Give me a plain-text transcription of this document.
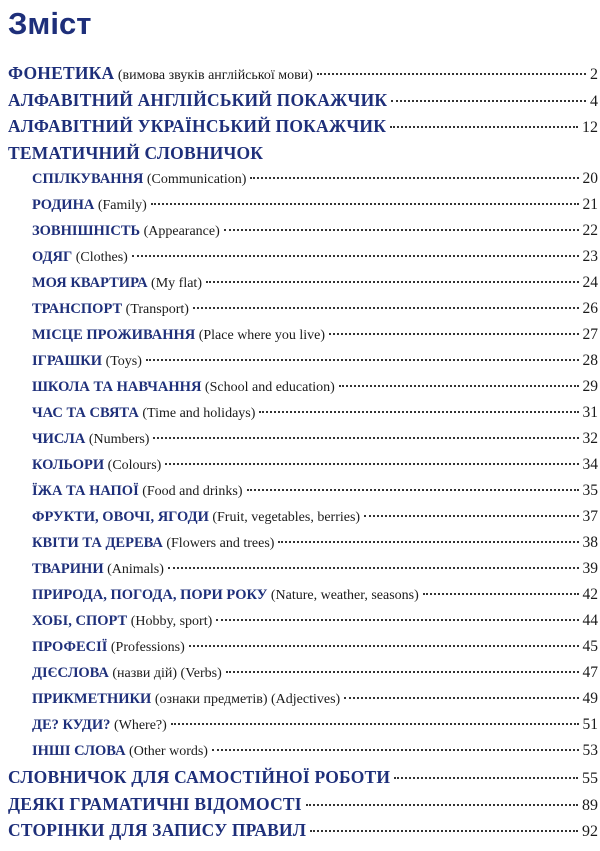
Зміст
ФОНЕТИКА (вимова звуків англійської мови)	2
АЛФАВІТНИЙ АНГЛІЙСЬКИЙ ПОКАЖЧИК	4
АЛФАВІТНИЙ УКРАЇНСЬКИЙ ПОКАЖЧИК	12
ТЕМАТИЧНИЙ СЛОВНИЧОК
СПІЛКУВАННЯ (Communication)	20
РОДИНА (Family)	21
ЗОВНІШНІСТЬ (Appearance)	22
ОДЯГ (Clothes)	23
МОЯ КВАРТИРА (My flat)	24
ТРАНСПОРТ (Transport)	26
МІСЦЕ ПРОЖИВАННЯ (Place where you live)	27
ІГРАШКИ (Toys)	28
ШКОЛА ТА НАВЧАННЯ (School and education)	29
ЧАС ТА СВЯТА (Time and holidays)	31
ЧИСЛА (Numbers)	32
КОЛЬОРИ (Colours)	34
ЇЖА ТА НАПОЇ (Food and drinks)	35
ФРУКТИ, ОВОЧІ, ЯГОДИ (Fruit, vegetables, berries)	37
КВІТИ ТА ДЕРЕВА (Flowers and trees)	38
ТВАРИНИ (Animals)	39
ПРИРОДА, ПОГОДА, ПОРИ РОКУ (Nature, weather, seasons)	42
ХОБІ, СПОРТ (Hobby, sport)	44
ПРОФЕСІЇ (Professions)	45
ДІЄСЛОВА (назви дій) (Verbs)	47
ПРИКМЕТНИКИ (ознаки предметів) (Adjectives)	49
ДЕ? КУДИ? (Where?)	51
ІНШІ СЛОВА (Other words)	53
СЛОВНИЧОК ДЛЯ САМОСТІЙНОЇ РОБОТИ	55
ДЕЯКІ ГРАМАТИЧНІ ВІДОМОСТІ	89
СТОРІНКИ ДЛЯ ЗАПИСУ ПРАВИЛ	92
